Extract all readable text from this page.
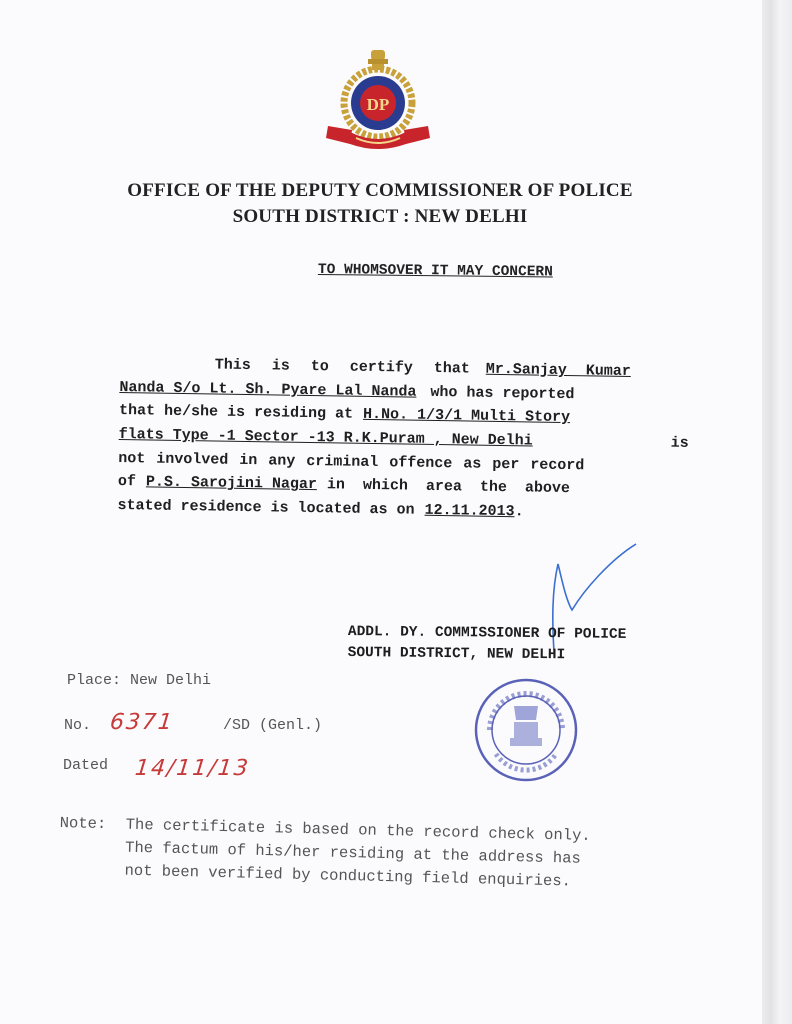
DP
OFFICE OF THE DEPUTY COMMISSIONER OF POLICE
SOUTH DISTRICT : NEW DELHI
TO WHOMSOVER IT MAY CONCERN
This is to certify that Mr.Sanjay Kumar
Nanda S/o Lt. Sh. Pyare Lal Nanda who has reported
that he/she is residing at H.No. 1/3/1 Multi Story
flats Type -1 Sector -13 R.K.Puram , New Delhi	is
not involved in any criminal offence as per record
of P.S. Sarojini Nagar in which area the above
stated residence is located as on 12.11.2013 .
ADDL. DY. COMMISSIONER OF POLICE
SOUTH DISTRICT, NEW DELHI
Place: New Delhi
No. 6371	/SD (Genl.)
Dated 14/11/13
Note: The certificate is based on the record check only.
The factum of his/her residing at the address has
not been verified by conducting field enquiries.
